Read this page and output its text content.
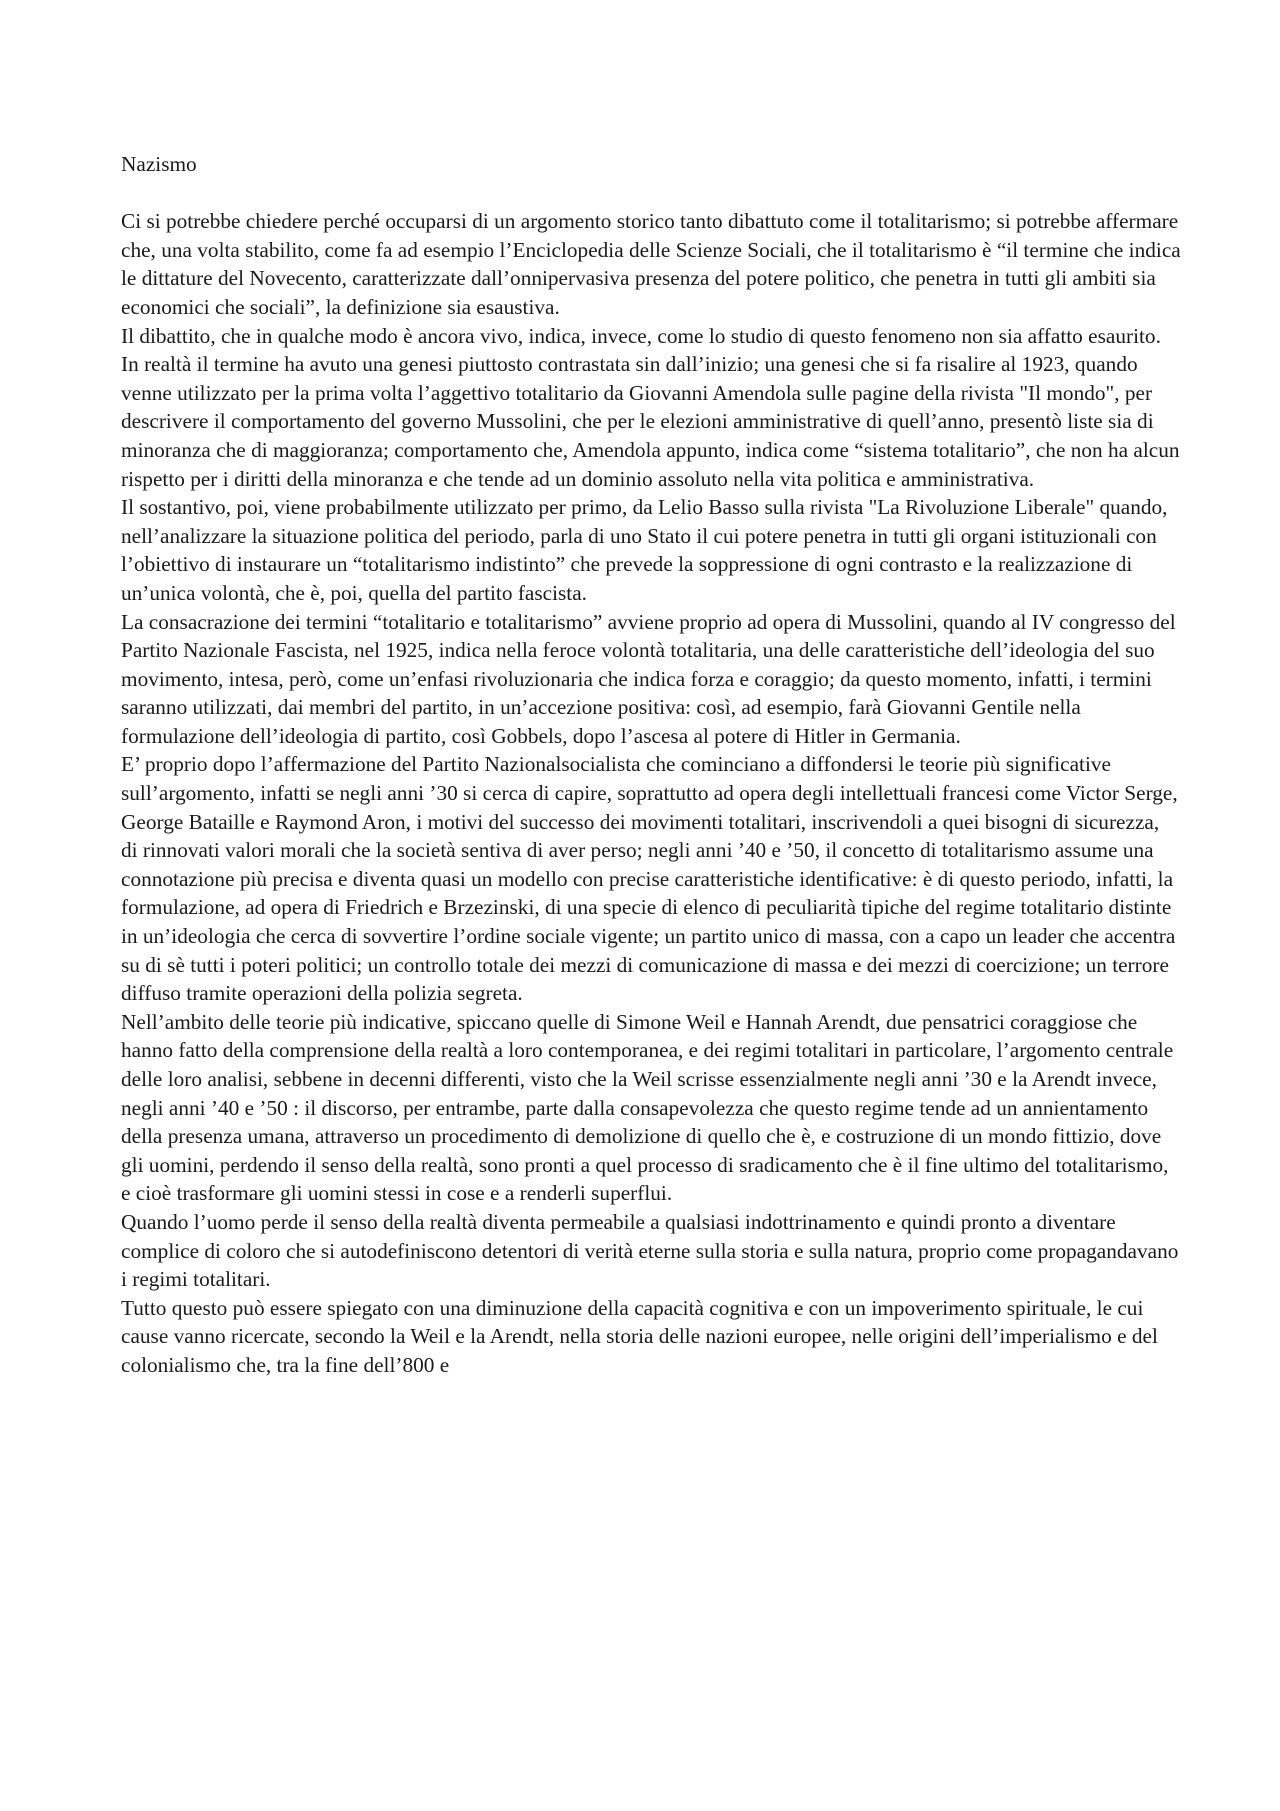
Nazismo

Ci si potrebbe chiedere perché occuparsi di un argomento storico tanto dibattuto come il totalitarismo; si potrebbe affermare che, una volta stabilito, come fa ad esempio l’Enciclopedia delle Scienze Sociali, che il totalitarismo è “il termine che indica le dittature del Novecento, caratterizzate dall’onnipervasiva presenza del potere politico, che penetra in tutti gli ambiti sia economici che sociali”, la definizione sia esaustiva.

Il dibattito, che in qualche modo è ancora vivo, indica, invece, come lo studio di questo fenomeno non sia affatto esaurito.

In realtà il termine ha avuto una genesi piuttosto contrastata sin dall’inizio; una genesi che si fa risalire al 1923, quando venne utilizzato per la prima volta l’aggettivo totalitario da Giovanni Amendola sulle pagine della rivista "Il mondo", per descrivere il comportamento del governo Mussolini, che per le elezioni amministrative di quell’anno, presentò liste sia di minoranza che di maggioranza; comportamento che, Amendola appunto, indica come “sistema totalitario”, che non ha alcun rispetto per i diritti della minoranza e che tende ad un dominio assoluto nella vita politica e amministrativa.

Il sostantivo, poi, viene probabilmente utilizzato per primo, da Lelio Basso sulla rivista "La Rivoluzione Liberale" quando, nell’analizzare la situazione politica del periodo, parla di uno Stato il cui potere penetra in tutti gli organi istituzionali con l’obiettivo di instaurare un “totalitarismo indistinto” che prevede la soppressione di ogni contrasto e la realizzazione di un’unica volontà, che è, poi, quella del partito fascista.

La consacrazione dei termini “totalitario e totalitarismo” avviene proprio ad opera di Mussolini, quando al IV congresso del Partito Nazionale Fascista, nel 1925, indica nella feroce volontà totalitaria, una delle caratteristiche dell’ideologia del suo movimento, intesa, però, come un’enfasi rivoluzionaria che indica forza e coraggio; da questo momento, infatti, i termini saranno utilizzati, dai membri del partito, in un’accezione positiva: così, ad esempio, farà Giovanni Gentile nella formulazione dell’ideologia di partito, così Gobbels, dopo l’ascesa al potere di Hitler in Germania.

E’ proprio dopo l’affermazione del Partito Nazionalsocialista che cominciano a diffondersi le teorie più significative sull’argomento, infatti se negli anni ’30 si cerca di capire, soprattutto ad opera degli intellettuali francesi come Victor Serge, George Bataille e Raymond Aron, i motivi del successo dei movimenti totalitari, inscrivendoli a quei bisogni di sicurezza, di rinnovati valori morali che la società sentiva di aver perso; negli anni ’40 e ’50, il concetto di totalitarismo assume una connotazione più precisa e diventa quasi un modello con precise caratteristiche identificative: è di questo periodo, infatti, la formulazione, ad opera di Friedrich e Brzezinski, di una specie di elenco di peculiarità tipiche del regime totalitario distinte in un’ideologia che cerca di sovvertire l’ordine sociale vigente; un partito unico di massa, con a capo un leader che accentra su di sè tutti i poteri politici; un controllo totale dei mezzi di comunicazione di massa e dei mezzi di coercizione; un terrore diffuso tramite operazioni della polizia segreta.

Nell’ambito delle teorie più indicative, spiccano quelle di Simone Weil e Hannah Arendt, due pensatrici coraggiose che hanno fatto della comprensione della realtà a loro contemporanea, e dei regimi totalitari in particolare, l’argomento centrale delle loro analisi, sebbene in decenni differenti, visto che la Weil scrisse essenzialmente negli anni ’30 e la Arendt invece, negli anni ’40 e ’50 : il discorso, per entrambe, parte dalla consapevolezza che questo regime tende ad un annientamento della presenza umana, attraverso un procedimento di demolizione di quello che è, e costruzione di un mondo fittizio, dove gli uomini, perdendo il senso della realtà, sono pronti a quel processo di sradicamento che è il fine ultimo del totalitarismo, e cioè trasformare gli uomini stessi in cose e a renderli superflui.

Quando l’uomo perde il senso della realtà diventa permeabile a qualsiasi indottrinamento e quindi pronto a diventare complice di coloro che si autodefiniscono detentori di verità eterne sulla storia e sulla natura, proprio come propagandavano i regimi totalitari.

Tutto questo può essere spiegato con una diminuzione della capacità cognitiva e con un impoverimento spirituale, le cui cause vanno ricercate, secondo la Weil e la Arendt, nella storia delle nazioni europee, nelle origini dell’imperialismo e del colonialismo che, tra la fine dell’800 e
